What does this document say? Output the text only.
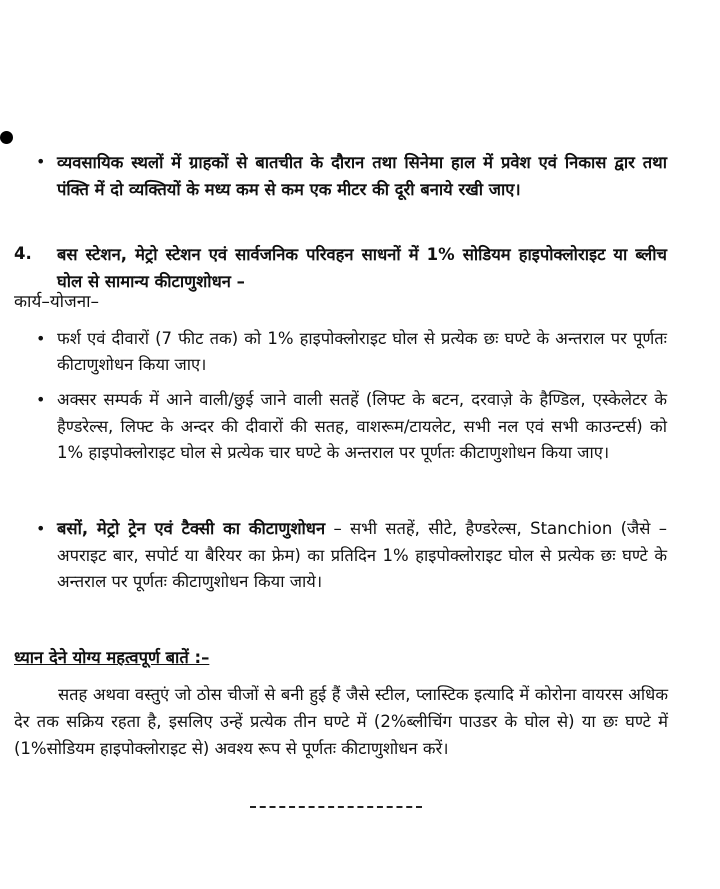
• व्यवसायिक स्थलों में ग्राहकों से बातचीत के दौरान तथा सिनेमा हाल में प्रवेश एवं निकास द्वार तथा पंक्ति में दो व्यक्तियों के मध्य कम से कम एक मीटर की दूरी बनाये रखी जाए।
4. बस स्टेशन, मेट्रो स्टेशन एवं सार्वजनिक परिवहन साधनों में 1% सोडियम हाइपोक्लोराइट या ब्लीच घोल से सामान्य कीटाणुशोधन –
कार्य–योजना–
• फर्श एवं दीवारों (7 फीट तक) को 1% हाइपोक्लोराइट घोल से प्रत्येक छः घण्टे के अन्तराल पर पूर्णतः कीटाणुशोधन किया जाए।
• अक्सर सम्पर्क में आने वाली/छुई जाने वाली सतहें (लिफ्ट के बटन, दरवाज़े के हैण्डिल, एस्केलेटर के हैण्डरेल्स, लिफ्ट के अन्दर की दीवारों की सतह, वाशरूम/टायलेट, सभी नल एवं सभी काउन्टर्स) को 1% हाइपोक्लोराइट घोल से प्रत्येक चार घण्टे के अन्तराल पर पूर्णतः कीटाणुशोधन किया जाए।
• बसों, मेट्रो ट्रेन एवं टैक्सी का कीटाणुशोधन – सभी सतहें, सीटे, हैण्डरेल्स, Stanchion (जैसे – अपराइट बार, सपोर्ट या बैरियर का फ्रेम) का प्रतिदिन 1% हाइपोक्लोराइट घोल से प्रत्येक छः घण्टे के अन्तराल पर पूर्णतः कीटाणुशोधन किया जाये।
ध्यान देने योग्य महत्वपूर्ण बातें :–
सतह अथवा वस्तुएं जो ठोस चीजों से बनी हुई हैं जैसे स्टील, प्लास्टिक इत्यादि में कोरोना वायरस अधिक देर तक सक्रिय रहता है, इसलिए उन्हें प्रत्येक तीन घण्टे में (2%ब्लीचिंग पाउडर के घोल से) या छः घण्टे में (1%सोडियम हाइपोक्लोराइट से) अवश्य रूप से पूर्णतः कीटाणुशोधन करें।
